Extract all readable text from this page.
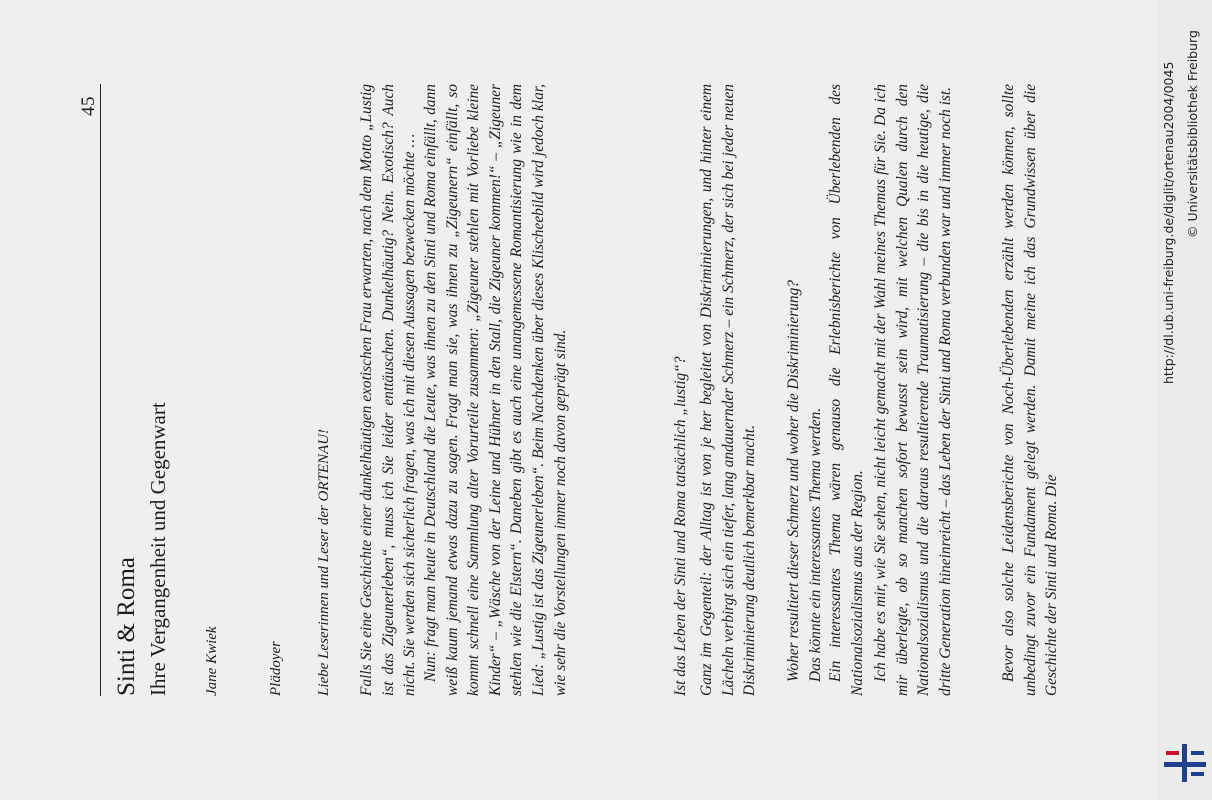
45
Sinti & Roma Ihre Vergangenheit und Gegenwart Jane Kwiek	Plädoyer Liebe Leserinnen und Leser der ORTENAU! Falls Sie eine Geschichte einer dunkelhäutigen exotischen Frau erwarten, nach dem Motto „Lustig ist das Zigeunerleben“, muss ich Sie leider enttäuschen. Dunkelhäutig? Nein. Exotisch? Auch nicht. Sie werden sich sicherlich fragen, was ich mit diesen Aussagen bezwecken möchte … Nun: fragt man heute in Deutschland die Leute, was ihnen zu den Sinti und Roma einfällt, dann weiß kaum jemand etwas dazu zu sagen. Fragt man sie, was ihnen zu „Zigeunern“ einfällt, so kommt schnell eine Sammlung alter Vorurteile zusammen: „Zigeuner stehlen mit Vorliebe kleine Kinder“ – „Wäsche von der Leine und Hühner in den Stall, die Zigeuner kommen!“ – „Zigeuner stehlen wie die Elstern“. Daneben gibt es auch eine unangemessene Romantisierung wie in dem Lied: „Lustig ist das Zigeunerleben“. Beim Nachdenken über dieses Klischeebild wird jedoch klar, wie sehr die Vorstellungen immer noch davon geprägt sind.	Ist das Leben der Sinti und Roma tatsächlich „lustig“? Ganz im Gegenteil: der Alltag ist von je her begleitet von Diskriminierungen, und hinter einem Lächeln verbirgt sich ein tiefer, lang andauernder Schmerz – ein Schmerz, der sich bei jeder neuen Diskriminierung deutlich bemerkbar macht. Woher resultiert dieser Schmerz und woher die Diskriminierung? Das könnte ein interessantes Thema werden. Ein interessantes Thema wären genauso die Erlebnisberichte von Überlebenden des Nationalsozialismus aus der Region. Ich habe es mir, wie Sie sehen, nicht leicht gemacht mit der Wahl meines Themas für Sie. Da ich mir überlegte, ob so manchen sofort bewusst sein wird, mit welchen Qualen durch den Nationalsozialismus und die daraus resultierende Traumatisierung – die bis in die heutige, die dritte Generation hineinreicht – das Leben der Sinti und Roma verbunden war und immer noch ist.	Bevor also solche Leidensberichte von Noch-Überlebenden erzählt werden können, sollte unbedingt zuvor ein Fundament gelegt werden. Damit meine ich das Grundwissen über die Geschichte der Sinti und Roma. Die

http://dl.ub.uni-freiburg.de/diglit/ortenau2004/0045 © Universitätsbibliothek Freiburg
